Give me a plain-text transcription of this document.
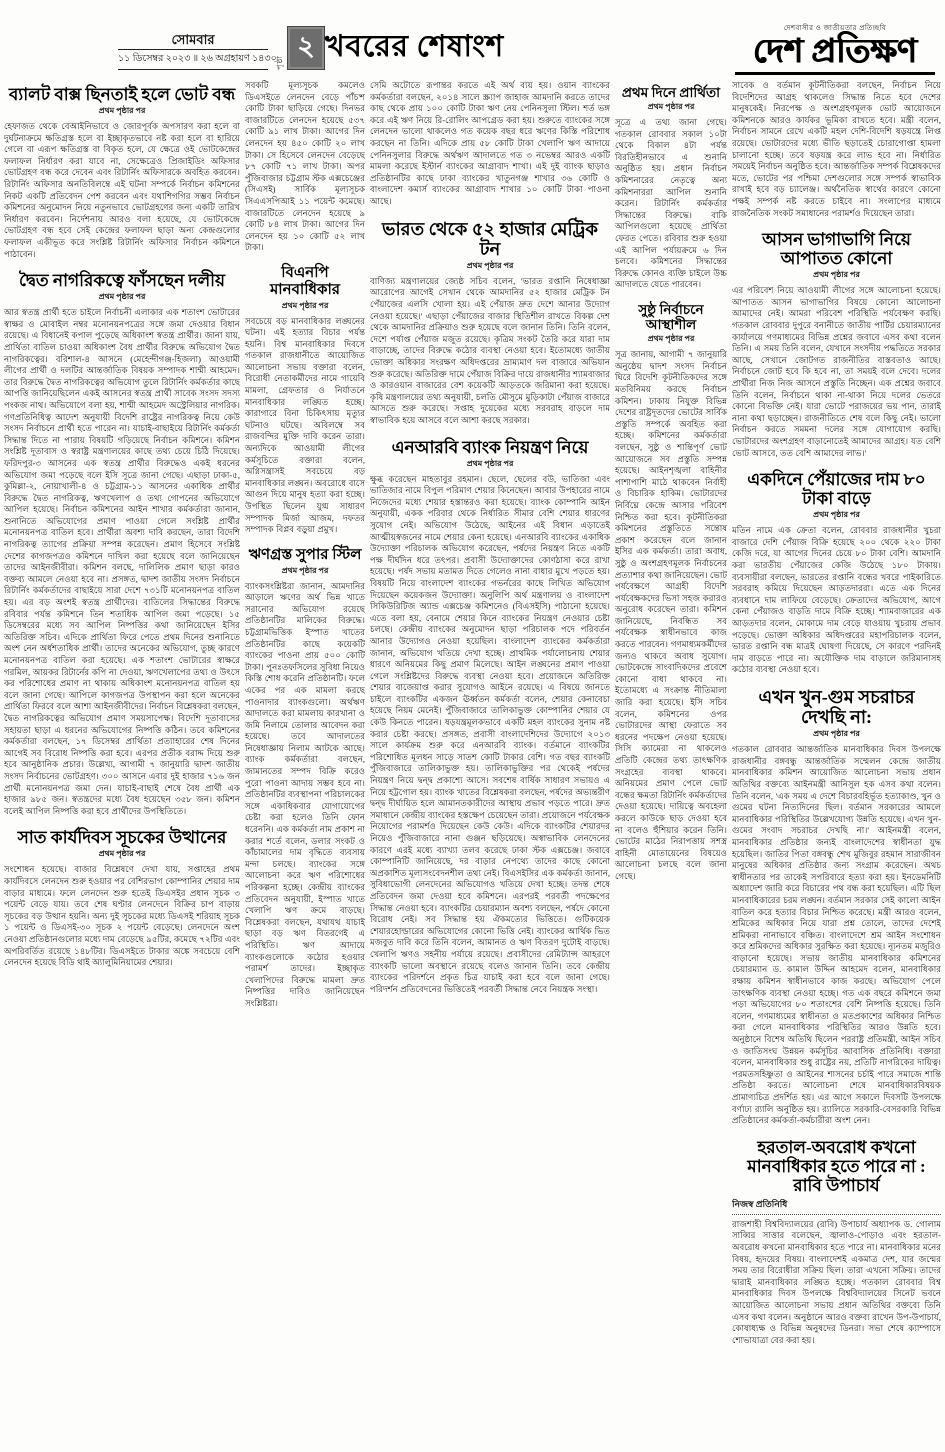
সোমবার
১১ ডিসেম্বর ২০২৩ ॥ ২৬ অগ্রহায়ণ ১৪৩০
পৃষ্ঠা
২ খবরের শেষাংশ
দেশবাসীর ও জাতীয়তার প্রতিচ্ছবি
দেশ প্রতিক্ষণ
ব্যালট বাক্স ছিনতাই হলে ভোট বন্ধ
প্রথম পৃষ্ঠার পর

হেফাজত থেকে বেআইনিভাবে ও জোরপূর্বক অপসারণ করা হলে বা দুর্ঘটনাক্রমে ক্ষতিগ্রস্ত হলে বা ইচ্ছাকৃতভাবে নষ্ট করা হলে বা হারিয়ে গেলে বা এরূপ ক্ষতিগ্রস্ত বা বিকৃত হলে, যে ক্ষেত্রে ওই ভোটকেন্দ্রের ফলাফল নির্ধারণ করা যাবে না, সেক্ষেত্রেও প্রিজাইডিং অফিসার ভোটগ্রহণ বন্ধ করে দেবেন এবং রিটার্নিং অফিসারকে অবহিত করবেন। রিটার্নিং অফিসার অনতিবিলম্বে এই ঘটনা সম্পর্কে নির্বাচন কমিশনের নিকট একটি প্রতিবেদন পেশ করবেন এবং যথাশিগগির সম্ভব নির্বাচন কমিশনের অনুমোদন নিয়ে নতুনভাবে ভোটগ্রহণের জন্য একটি তারিখ নির্ধারণ করবেন। নির্দেশনায় আরও বলা হয়েছে, যে ভোটকেন্দ্রে ভোটগ্রহণ বন্ধ হবে সেই কেন্দ্রের ফলাফল ছাড়া অন্য কেন্দ্রগুলোর ফলাফল একীভূত করে সংশ্লিষ্ট রিটার্নিং অফিসার নির্বাচন কমিশনে পাঠাবেন।

দ্বৈত নাগরিকত্বে ফাঁসছেন দলীয়
প্রথম পৃষ্ঠার পর

আর স্বতন্ত্র প্রার্থী হতে চাইলে নির্বাচনী এলাকার এক শতাংশ ভোটারের স্বাক্ষর ও মোবাইল নম্বর মনোনয়নপত্রের সঙ্গে জমা দেওয়ার বিধান রয়েছে। এ বিধানেই কপাল পুড়েছে অধিকাংশ স্বতন্ত্র প্রার্থীর। জানা যায়, প্রার্থিতা বাতিল চাওয়া অধিকাংশ বৈধ প্রার্থীর বিরুদ্ধে অভিযোগ দ্বৈত নাগরিকত্বের। বরিশাল-৪ আসনে (মেহেন্দীগঞ্জ-হিজলা) আওয়ামী লীগের প্রার্থী ও দলটির আন্তর্জাতিক বিষয়ক সম্পাদক শাম্মী আহমেদ। তার বিরুদ্ধে দ্বৈত নাগরিকত্বের অভিযোগ তুলে রিটার্নিং কর্মকর্তার কাছে আপত্তি জানিয়েছিলেন একই আসনের স্বতন্ত্র প্রার্থী সাবেক সংসদ সদস্য পংকজ নাথ। অভিযোগে বলা হয়, শাম্মী আহমেদ অস্ট্রেলিয়ার নাগরিক। গণপ্রতিনিধিত্ব আদেশ অনুযায়ী বিদেশি রাষ্ট্রের নাগরিকত্ব নিয়ে কেউ সংসদ নির্বাচনে প্রার্থী হতে পারেন না। যাচাই-বাছাইয়ে রিটার্নিং কর্মকর্তা সিদ্ধান্ত দিতে না পারায় বিষয়টি গড়িয়েছে নির্বাচন কমিশনে। কমিশন সংশ্লিষ্ট দূতাবাস ও স্বরাষ্ট্র মন্ত্রণালয়ের কাছে তথ্য চেয়ে চিঠি দিয়েছে। ফরিদপুর-৩ আসনের এক স্বতন্ত্র প্রার্থীর বিরুদ্ধেও একই ধরনের অভিযোগ জমা পড়েছে বলে ইসি সূত্রে জানা গেছে। এছাড়া ঢাকা-৫, কুমিল্লা-২, নোয়াখালী-৪ ও চট্টগ্রাম-১১ আসনের একাধিক প্রার্থীর বিরুদ্ধে দ্বৈত নাগরিকত্ব, ঋণখেলাপ ও তথ্য গোপনের অভিযোগে আপিল হয়েছে। নির্বাচন কমিশনের আইন শাখার কর্মকর্তারা জানান, শুনানিতে অভিযোগের প্রমাণ পাওয়া গেলে সংশ্লিষ্ট প্রার্থীর মনোনয়নপত্র বাতিল হবে। প্রার্থীরা অবশ্য দাবি করছেন, তারা বিদেশি নাগরিকত্ব ত্যাগের প্রক্রিয়া সম্পন্ন করেছেন। প্রমাণ হিসেবে সংশ্লিষ্ট দেশের কাগজপত্রও কমিশনে দাখিল করা হয়েছে বলে জানিয়েছেন তাদের আইনজীবীরা। কমিশন বলছে, দালিলিক প্রমাণ ছাড়া কারও বক্তব্য আমলে নেওয়া হবে না। প্রসঙ্গত, দ্বাদশ জাতীয় সংসদ নির্বাচনে রিটার্নিং কর্মকর্তাদের বাছাইয়ে সারা দেশে ৭৩১টি মনোনয়নপত্র বাতিল হয়। এর বড় অংশই স্বতন্ত্র প্রার্থীদের। বাতিলের সিদ্ধান্তের বিরুদ্ধে রবিবার পর্যন্ত কমিশনে তিন শতাধিক আপিল জমা পড়েছে। ১৫ ডিসেম্বরের মধ্যে সব আপিল নিষ্পত্তির কথা জানিয়েছেন ইসির অতিরিক্ত সচিব। এদিকে প্রার্থিতা ফিরে পেতে প্রথম দিনের শুনানিতে অংশ নেন অর্ধশতাধিক প্রার্থী। তাদের অনেকের অভিযোগ, তুচ্ছ কারণে মনোনয়নপত্র বাতিল করা হয়েছে। এক শতাংশ ভোটারের স্বাক্ষরে গরমিল, আয়কর রিটার্নের কপি না দেওয়া, ঋণখেলাপের তথ্য ও উৎসে কর পরিশোধের প্রমাণ না থাকায় অধিকাংশ মনোনয়নপত্র বাতিল হয় বলে জানা গেছে। আপিলে কাগজপত্র উপস্থাপন করা হলে অনেকের প্রার্থিতা ফিরবে বলে আশা আইনজীবীদের। নির্বাচন বিশ্লেষকরা বলছেন, দ্বৈত নাগরিকত্বের অভিযোগ প্রমাণ সময়সাপেক্ষ। বিদেশি দূতাবাসের সহায়তা ছাড়া এ ধরনের অভিযোগের নিষ্পত্তি কঠিন। তবে কমিশনের কর্মকর্তারা বলছেন, ১৭ ডিসেম্বর প্রার্থিতা প্রত্যাহারের শেষ দিনের আগেই সব বিরোধ নিষ্পত্তি করা হবে। এরপর প্রতীক বরাদ্দ দিয়ে শুরু হবে আনুষ্ঠানিক প্রচার। উল্লেখ্য, আগামী ৭ জানুয়ারি দ্বাদশ জাতীয় সংসদ নির্বাচনের ভোটগ্রহণ। ৩০০ আসনে এবার দুই হাজার ৭১৬ জন প্রার্থী মনোনয়নপত্র জমা দেন। যাচাই-বাছাই শেষে বৈধ প্রার্থী এক হাজার ৯৮৫ জন। স্বতন্ত্রদের মধ্যে বৈধ হয়েছেন ৩৫৮ জন। কমিশন বলেই আপিল নিষ্পত্তি করা হবে প্রার্থীদের উপস্থিতিতে।

সাত কার্যদিবস সূচকের উত্থানের
প্রথম পৃষ্ঠার পর

সংশোধন হয়েছে। বাজার বিশ্লেষণে দেখা যায়, সপ্তাহের প্রথম কার্যদিবসে লেনদেন শুরু হওয়ার পর বেশিরভাগ কোম্পানির শেয়ার দাম বাড়ার মাধ্যমে। ফলে লেনদেন শুরু হতেই ডিএসইর প্রধান সূচক ৩ পয়েন্ট বেড়ে যায়। তবে শেষ ঘণ্টার লেনদেনে বিক্রির চাপ বাড়ায় সূচকের বড় উত্থান হয়নি। অন্য দুই সূচকের মধ্যে ডিএসই শরিয়াহ সূচক ১ পয়েন্ট ও ডিএসই-৩০ সূচক ২ পয়েন্ট বেড়েছে। লেনদেনে অংশ নেওয়া প্রতিষ্ঠানগুলোর মধ্যে দাম বেড়েছে ৯৫টির, কমেছে ৭২টির এবং অপরিবর্তিত রয়েছে ১৪৮টির। ডিএসইতে টাকার অঙ্কে সবচেয়ে বেশি লেনদেন হয়েছে বিডি থাই অ্যালুমিনিয়ামের শেয়ার।

সবকটি মূল্যসূচক কমলেও ডিএসইতে লেনদেন বেড়ে পাঁচ'শ কোটি টাকা ছাড়িয়ে গেছে। দিনভর বাজারটিতে লেনদেন হয়েছে ৫৩৭ কোটি ৯১ লাখ টাকা। আগের দিন লেনদেন হয় ৪৫০ কোটি ২০ লাখ টাকা। সে হিসেবে লেনদেন বেড়েছে ৮৭ কোটি ৭১ লাখ টাকা। অপর পুঁজিবাজার চট্টগ্রাম স্টক এক্সচেঞ্জের (সিএসই) সার্বিক মূল্যসূচক সিএএসপিআই ১১ পয়েন্ট কমেছে। বাজারটিতে লেনদেন হয়েছে ৯ কোটি ৮৪ লাখ টাকা। আগের দিন লেনদেন হয় ১০ কোটি ৫২ লাখ টাকা।

বিএনপি মানবাধিকার
প্রথম পৃষ্ঠার পর

সবচেয়ে বড় মানবাধিকার লঙ্ঘনের ঘটনা। এই হত্যার বিচার পর্যন্ত হয়নি। বিশ্ব মানবাধিকার দিবসে গতকাল রাজধানীতে আয়োজিত আলোচনা সভায় বক্তারা বলেন, বিরোধী নেতাকর্মীদের নামে গায়েবি মামলা, গ্রেফতার ও নির্যাতনে মানবাধিকার লঙ্ঘিত হচ্ছে। কারাগারে বিনা চিকিৎসায় মৃত্যুর ঘটনাও ঘটছে। অবিলম্বে সব রাজবন্দির মুক্তি দাবি করেন তারা। অন্যদিকে আওয়ামী লীগের কর্মসূচিতে বক্তারা বলেন, অগ্নিসন্ত্রাসই সবচেয়ে বড় মানবাধিকার লঙ্ঘন। অবরোধে বাসে আগুন দিয়ে মানুষ হত্যা করা হচ্ছে। উপস্থিত ছিলেন যুগ্ম সাধারণ সম্পাদক মির্জা আজম, দফতর সম্পাদক বিপ্লব বড়ুয়া প্রমুখ।

ঋণগ্রস্ত সুপার স্টিল
প্রথম পৃষ্ঠার পর

ব্যাংকসংশ্লিষ্টরা জানান, আমদানির আড়ালে ঋণের অর্থ ভিন্ন খাতে সরানোর অভিযোগ রয়েছে প্রতিষ্ঠানটির মালিকের বিরুদ্ধে। চট্টগ্রামভিত্তিক ইস্পাত খাতের প্রতিষ্ঠানটির কাছে কয়েকটি ব্যাংকের পাওনা প্রায় ৫০০ কোটি টাকা। পুনঃতফসিলের সুবিধা নিয়েও কিস্তি শোধ করেনি প্রতিষ্ঠানটি। ফলে একের পর এক মামলা করছে পাওনাদার ব্যাংকগুলো। অর্থঋণ আদালতে করা মামলায় কারখানা ও জমি নিলামে তোলার আবেদন করা হয়েছে। তবে আদালতের নিষেধাজ্ঞায় নিলাম আটকে আছে। ব্যাংক কর্মকর্তারা বলছেন, জামানতের সম্পদ বিক্রি করেও পুরো পাওনা আদায় সম্ভব হবে না। প্রতিষ্ঠানটির ব্যবস্থাপনা পরিচালকের সঙ্গে একাধিকবার যোগাযোগের চেষ্টা করা হলেও তিনি ফোন ধরেননি। এক কর্মকর্তা নাম প্রকাশ না করার শর্তে বলেন, ডলার সংকট ও কাঁচামালের দাম বৃদ্ধিতে ব্যবসায় মন্দা চলছে। ব্যাংকের সঙ্গে আলোচনা করে ঋণ পরিশোধের পরিকল্পনা হচ্ছে। কেন্দ্রীয় ব্যাংকের প্রতিবেদন অনুযায়ী, ইস্পাত খাতে খেলাপি ঋণ ক্রমে বাড়ছে। বিশ্লেষকরা বলছেন, যথাযথ যাচাই ছাড়া বড় ঋণ বিতরণেই এ পরিস্থিতি। ঋণ আদায়ে ব্যাংকগুলোকে কঠোর হওয়ার পরামর্শ তাদের। ইচ্ছাকৃত খেলাপিদের বিরুদ্ধে মামলা দ্রুত নিষ্পত্তির দাবিও জানিয়েছেন সংশ্লিষ্টরা।

সেমি অটোতে রূপান্তর করতে এই অর্থ ব্যয় হয়। ওয়ান ব্যাংকের কর্মকর্তারা বলছেন, ২০১৪ সালে স্ক্র্যাপ জাহাজ আমদানি করতে তাদের কাছ থেকে প্রায় ১০০ কোটি টাকা ঋণ নেয় পেনিনসুলা স্টিল। শর্ত ভঙ্গ করে এই ঋণ নিয়ে রি-রোলিং আপগ্রেড করা হয়। শুরুতে ব্যাংকের সঙ্গে লেনদেন ভালো থাকলেও গত কয়েক বছর ধরে ঋণের কিস্তি পরিশোধ করছেন না তিনি। এদিকে প্রায় ৫৮ কোটি টাকা খেলাপি ঋণ আদায়ে পেনিনসুলার বিরুদ্ধে অর্থঋণ আদালতে গত ৩ নভেম্বর আরও একটি মামলা করেছে ইস্টার্ন ব্যাংকের আগ্রাবাদ শাখা। এই দুই ব্যাংক ছাড়াও প্রতিষ্ঠানটির কাছে ঢাকা ব্যাংকের খাতুনগঞ্জ শাখার ৩৬ কোটি ও বাংলাদেশ কমার্স ব্যাংকের আগ্রাবাদ শাখার ১০ কোটি টাকা পাওনা আছে।

ভারত থেকে ৫২ হাজার মেট্রিক টন
প্রথম পৃষ্ঠার পর

বাণিজ্য মন্ত্রণালয়ের জ্যেষ্ঠ সচিব বলেন, 'ভারত রপ্তানি নিষেধাজ্ঞা আরোপের আগেই সেখান থেকে আমদানির ৫২ হাজার মেট্রিক টন পেঁয়াজের এলসি খোলা হয়। এই পেঁয়াজ দ্রুত দেশে আনার উদ্যোগ নেওয়া হয়েছে।' এছাড়া পেঁয়াজের বাজার স্থিতিশীল রাখতে বিকল্প দেশ থেকে আমদানির প্রক্রিয়াও শুরু হয়েছে বলে জানান তিনি। তিনি বলেন, দেশে পর্যাপ্ত পেঁয়াজ মজুত রয়েছে। কৃত্রিম সংকট তৈরি করে যারা দাম বাড়াচ্ছে, তাদের বিরুদ্ধে কঠোর ব্যবস্থা নেওয়া হবে। ইতোমধ্যে জাতীয় ভোক্তা অধিকার সংরক্ষণ অধিদপ্তরের ভ্রাম্যমাণ দল বাজারে অভিযান শুরু করেছে। অতিরিক্ত দামে পেঁয়াজ বিক্রির দায়ে রাজধানীর শ্যামবাজার ও কারওয়ান বাজারের বেশ কয়েকটি আড়তকে জরিমানা করা হয়েছে। কৃষি মন্ত্রণালয়ের তথ্য অনুযায়ী, চলতি মৌসুমে মুড়িকাটা পেঁয়াজ বাজারে আসতে শুরু করেছে। সপ্তাহ দুয়েকের মধ্যে সরবরাহ বাড়লে দাম স্বাভাবিক হয়ে আসবে বলে আশা করছে সরকার।

এনআরবি ব্যাংক নিয়ন্ত্রণ নিয়ে
প্রথম পৃষ্ঠার পর

ক্ষুব্ধ করেছেন মাহতাবুর রহমান। ছেলে, ছেলের বউ, ভাতিজা এবং ভাতিজার নামে বিপুল পরিমাণ শেয়ার কিনেছেন। আবার উপহারের নামে নিজেদের মধ্যে শেয়ার হস্তান্তরও করা হয়েছে। ব্যাংক কোম্পানি আইন অনুযায়ী, একক পরিবার থেকে নির্ধারিত সীমার বেশি শেয়ার ধারণের সুযোগ নেই। অভিযোগ উঠেছে, আইনের এই বিধান এড়াতেই আত্মীয়স্বজনের নামে শেয়ার কেনা হয়েছে। এনআরবি ব্যাংকের একাধিক উদ্যোক্তা পরিচালক অভিযোগ করেছেন, পর্ষদের নিয়ন্ত্রণ নিতে একটি পক্ষ দীর্ঘদিন ধরে তৎপর। প্রবাসী উদ্যোক্তাদের কোণঠাসা করে রাখা হয়েছে। পর্ষদ সভায় মতামত দিতে গেলেও নানা বাধার মুখে পড়তে হয়। বিষয়টি নিয়ে বাংলাদেশ ব্যাংকের গভর্নরের কাছে লিখিত অভিযোগ দিয়েছেন কয়েকজন উদ্যোক্তা। অনুলিপি অর্থ মন্ত্রণালয় ও বাংলাদেশ সিকিউরিটিজ অ্যান্ড এক্সচেঞ্জ কমিশনেও (বিএসইসি) পাঠানো হয়েছে। এতে বলা হয়, বেনামে শেয়ার কিনে ব্যাংকের নিয়ন্ত্রণ নেওয়ার চেষ্টা চলছে। কেন্দ্রীয় ব্যাংকের অনুমোদন ছাড়া পরিচালক পদে পরিবর্তন আনার উদ্যোগও নেওয়া হয়েছিল। বাংলাদেশ ব্যাংকের কর্মকর্তারা জানান, অভিযোগ খতিয়ে দেখা হচ্ছে। প্রাথমিক পর্যালোচনায় শেয়ার ধারণে অনিয়মের কিছু প্রমাণ মিলেছে। আইন লঙ্ঘনের প্রমাণ পাওয়া গেলে সংশ্লিষ্টদের বিরুদ্ধে ব্যবস্থা নেওয়া হবে। প্রয়োজনে অতিরিক্ত শেয়ার বাজেয়াপ্ত করার সুযোগও আইনে রয়েছে। এ বিষয়ে জানতে চাইলে ব্যাংকটির একজন ঊর্ধ্বতন কর্মকর্তা বলেন, শেয়ার কেনাবেচা হয়েছে নিয়ম মেনেই। পুঁজিবাজারে তালিকাভুক্ত কোম্পানির শেয়ার যে কেউ কিনতে পারেন। ষড়যন্ত্রমূলকভাবে একটি মহল ব্যাংকের সুনাম নষ্ট করার চেষ্টা করছে। প্রসঙ্গত, প্রবাসী বাংলাদেশিদের উদ্যোগে ২০১৩ সালে কার্যক্রম শুরু করে এনআরবি ব্যাংক। বর্তমানে ব্যাংকটির পরিশোধিত মূলধন সাড়ে সাতশ কোটি টাকার বেশি। গত বছর ব্যাংকটি পুঁজিবাজারে তালিকাভুক্ত হয়। তালিকাভুক্তির পর থেকেই পর্ষদের নিয়ন্ত্রণ নিয়ে দ্বন্দ্ব প্রকাশ্যে আসে। সবশেষ বার্ষিক সাধারণ সভায়ও এ নিয়ে হট্টগোল হয়। ব্যাংক খাতের বিশ্লেষকরা বলছেন, পর্ষদের অভ্যন্তরীণ দ্বন্দ্ব দীর্ঘায়িত হলে আমানতকারীদের আস্থায় প্রভাব পড়তে পারে। দ্রুত সমাধানে কেন্দ্রীয় ব্যাংকের হস্তক্ষেপ চেয়েছেন তারা। প্রয়োজনে পর্যবেক্ষক নিয়োগের পরামর্শও দিয়েছেন কেউ কেউ। এদিকে ব্যাংকটির শেয়ারদর নিয়েও পুঁজিবাজারে নানা গুঞ্জন ছড়িয়েছে। অস্বাভাবিক লেনদেনের কারণে এরই মধ্যে ব্যাখ্যা তলব করেছে ঢাকা স্টক এক্সচেঞ্জ। জবাবে কোম্পানিটি জানিয়েছে, দর বাড়ার নেপথ্যে তাদের কাছে কোনো অপ্রকাশিত মূল্যসংবেদনশীল তথ্য নেই। বিএসইসির এক কর্মকর্তা জানান, সুবিধাভোগী লেনদেনের অভিযোগও খতিয়ে দেখা হচ্ছে। তদন্ত শেষে প্রতিবেদন জমা দেওয়া হবে কমিশনে। এরপরই পরবর্তী পদক্ষেপের সিদ্ধান্ত নেওয়া হবে। ব্যাংকটির চেয়ারম্যান অবশ্য বলছেন, পর্ষদে কোনো বিরোধ নেই। সব সিদ্ধান্ত হয় ঐকমত্যের ভিত্তিতে। গুটিকয়েক শেয়ারহোল্ডারের অভিযোগের কোনো ভিত্তি নেই। ব্যাংকের আর্থিক ভিত মজবুত দাবি করে তিনি বলেন, আমানত ও ঋণ বিতরণ দুটোই বাড়ছে। খেলাপি ঋণও সহনীয় পর্যায়ে রয়েছে। প্রবাসীদের রেমিট্যান্স আহরণে ব্যাংকটি ভালো অবস্থানে রয়েছে বলেও জানান তিনি। তবে কেন্দ্রীয় ব্যাংকের পরিদর্শনে প্রকৃত চিত্র যাচাই করা হবে বলে জানা গেছে। পরিদর্শন প্রতিবেদনের ভিত্তিতেই পরবর্তী সিদ্ধান্ত নেবে নিয়ন্ত্রক সংস্থা।

প্রথম দিনে প্রার্থিতা
প্রথম পৃষ্ঠার পর

সূত্রে এ তথ্য জানা গেছে। গতকাল রোববার সকাল ১০টা থেকে বিকাল ৪টা পর্যন্ত বিরতিহীনভাবে এ শুনানি অনুষ্ঠিত হয়। প্রধান নির্বাচন কমিশনারের নেতৃত্বে অন্য কমিশনাররা আপিল শুনানি করেন। রিটার্নিং কর্মকর্তার সিদ্ধান্তের বিরুদ্ধে। বাকি আপিলগুলো হয়েছে প্রার্থিতা ফেরত পেতে। রবিবার শুরু হওয়া এই আপিল পর্যায়ক্রমে ৬ দিন চলবে। কমিশনের সিদ্ধান্তের বিরুদ্ধে কোনও ব্যক্তি চাইলে উচ্চ আদালতে যেতে পারবেন।

সুষ্ঠু নির্বাচনে আস্থাশীল
প্রথম পৃষ্ঠার পর

সূত্র জানায়, আগামী ৭ জানুয়ারি অনুষ্ঠেয় দ্বাদশ সংসদ নির্বাচন ঘিরে বিদেশি কূটনীতিকদের সঙ্গে মতবিনিময় করছে নির্বাচন কমিশন। ঢাকায় নিযুক্ত বিভিন্ন দেশের রাষ্ট্রদূতদের ভোটের সার্বিক প্রস্তুতি সম্পর্কে অবহিত করা হচ্ছে। কমিশনের কর্মকর্তারা বলছেন, সুষ্ঠু ও শান্তিপূর্ণ ভোট আয়োজনে সব প্রস্তুতি সম্পন্ন হয়েছে। আইনশৃঙ্খলা বাহিনীর পাশাপাশি মাঠে থাকবেন নির্বাহী ও বিচারিক হাকিম। ভোটারদের নির্বিঘ্নে কেন্দ্রে আসার পরিবেশ নিশ্চিত করা হবে। কূটনীতিকরা কমিশনের প্রস্তুতিতে সন্তোষ প্রকাশ করেছেন বলে জানান ইসির এক কর্মকর্তা। তারা অবাধ, সুষ্ঠু ও অংশগ্রহণমূলক নির্বাচনের প্রত্যাশার কথা জানিয়েছেন। ভোট পর্যবেক্ষণে আগ্রহী বিদেশি পর্যবেক্ষকদের ভিসা সহজ করারও অনুরোধ করেছেন তারা। কমিশন জানিয়েছে, নিবন্ধিত সব পর্যবেক্ষক স্বাধীনভাবে কাজ করতে পারবেন। গণমাধ্যমকর্মীদের জন্যও থাকবে অবাধ সুযোগ। ভোটকেন্দ্রে সাংবাদিকদের প্রবেশে কোনো বাধা থাকবে না। ইতোমধ্যে এ সংক্রান্ত নীতিমালা জারি করা হয়েছে। ইসি সচিব বলেন, কমিশনের ওপর ভোটারদের আস্থা ফেরাতে সব ধরনের পদক্ষেপ নেওয়া হয়েছে। সিসি ক্যামেরা না থাকলেও প্রতিটি কেন্দ্রের তথ্য তাৎক্ষণিক সংগ্রহের ব্যবস্থা থাকবে। অনিয়মের প্রমাণ পেলে ভোট বন্ধের ক্ষমতা রিটার্নিং কর্মকর্তাদের দেওয়া হয়েছে। দায়িত্বে অবহেলা করলে কাউকে ছাড় দেওয়া হবে না বলেও হুঁশিয়ার করেন তিনি। ভোটের মাঠের নিরাপত্তায় সশস্ত্র বাহিনী মোতায়েনের বিষয়েও আলোচনা চলছে বলে জানা গেছে।

সাবেক ও বর্তমান কূটনীতিকরা বলছেন, নির্বাচন নিয়ে বিদেশিদের আগ্রহ থাকলেও সিদ্ধান্ত নিতে হবে দেশের মানুষকেই। নিরপেক্ষ ও অংশগ্রহণমূলক ভোট আয়োজনে কমিশনকে আরও কার্যকর ভূমিকা রাখতে হবে। মন্ত্রী বলেন, নির্বাচন সামনে রেখে একটি মহল দেশি-বিদেশি ষড়যন্ত্রে লিপ্ত রয়েছে। ভোটারদের মধ্যে ভীতি ছড়াতেই চোরাগোপ্তা হামলা চালানো হচ্ছে। তবে ষড়যন্ত্র করে লাভ হবে না। নির্ধারিত সময়েই নির্বাচন অনুষ্ঠিত হবে। আন্তর্জাতিক সম্পর্ক বিশ্লেষকদের মতে, ভোটের পর পশ্চিমা দেশগুলোর সঙ্গে সম্পর্ক স্বাভাবিক রাখাই হবে বড় চ্যালেঞ্জ। অর্থনৈতিক স্বার্থের কারণে কোনো পক্ষই সম্পর্ক নষ্ট করতে চাইবে না। সংলাপের মাধ্যমে রাজনৈতিক সংকট সমাধানের পরামর্শও দিয়েছেন তারা।

আসন ভাগাভাগি নিয়ে আপাতত কোনো
প্রথম পৃষ্ঠার পর

এর পরিবেশ নিয়ে আওয়ামী লীগের সঙ্গে আলোচনা হয়েছে। আপাতত আসন ভাগাভাগির বিষয়ে কোনো আলোচনা আমাদের নেই। আমরা পরিবেশ পরিস্থিতি পর্যবেক্ষণ করছি। গতকাল রোববার দুপুরে বনানীতে জাতীয় পার্টির চেয়ারম্যানের কার্যালয়ে গণমাধ্যমের বিভিন্ন প্রশ্নের জবাবে এসব কথা বলেন তিনি। এ সময় তিনি বলেন, যেখানে সংসদীয় পদ্ধতিতে সরকার আছে, সেখানে জোটগত রাজনীতির বাস্তবতাও আছে। নির্বাচনে জোট হবে কি হবে না, তা সময়ই বলে দেবে। দলের প্রার্থীরা নিজ নিজ আসনে প্রস্তুতি নিচ্ছেন। এক প্রশ্নের জবাবে তিনি বলেন, নির্বাচনে থাকা না-থাকা নিয়ে দলের ভেতরে কোনো বিভক্তি নেই। যারা ভোটে পরাজয়ের ভয় পান, তারাই নানা কথা ছড়াচ্ছেন। রাজনীতিতে শেষ বলে কিছু নেই। ভালো নির্বাচন করতে সমমনা দলের সঙ্গে যোগাযোগ করছি। ভোটারদের অংশগ্রহণ বাড়ানোতেই আমাদের আগ্রহ। যত বেশি ভোট আসবে, তত বেশি আমাদের লাভ।'

একদিনে পেঁয়াজের দাম ৮০ টাকা বাড়ে
প্রথম পৃষ্ঠার পর

মতিন নামে এক ক্রেতা বলেন, রোববার রাজধানীর খুচরা বাজারে দেশি পেঁয়াজ বিক্রি হয়েছে ২০০ থেকে ২২০ টাকা কেজি দরে, যা আগের দিনের চেয়ে ৮০ টাকা বেশি। আমদানি করা ভারতীয় পেঁয়াজের কেজি উঠেছে ১৮০ টাকায়। ব্যবসায়ীরা বলছেন, ভারতের রপ্তানি বন্ধের খবরে পাইকারিতে সরবরাহ কমিয়ে দিয়েছেন আড়তদাররা। এতে এক দিনের ব্যবধানে দাম লাফিয়ে বেড়েছে। ক্রেতাদের অভিযোগ, আগে কেনা পেঁয়াজও বাড়তি দামে বিক্রি হচ্ছে। শ্যামবাজারের এক আড়তদার বলেন, মোকামে দাম বেড়ে যাওয়ায় খুচরায় প্রভাব পড়েছে। ভোক্তা অধিকার অধিদপ্তরের মহাপরিচালক বলেন, ভারত রপ্তানি বন্ধ মাত্রই ঘোষণা দিয়েছে, সে কারণে পরদিনই দাম বাড়তে পারে না। অযৌক্তিক দাম বাড়ালে জরিমানাসহ কঠোর ব্যবস্থা নেওয়া হবে।

এখন খুন-গুম সচরাচর দেখছি না:
প্রথম পৃষ্ঠার পর

গতকাল রোববার আন্তর্জাতিক মানবাধিকার দিবস উপলক্ষে রাজধানীর বঙ্গবন্ধু আন্তর্জাতিক সম্মেলন কেন্দ্রে জাতীয় মানবাধিকার কমিশন আয়োজিত আলোচনা সভায় প্রধান অতিথির বক্তব্যে আইনমন্ত্রী আনিসুল হক এসব কথা বলেন। তিনি বলেন, 'এক সময় এ দেশে বিচারবহির্ভূত হত্যাকাণ্ড, খুন ও গুমের ঘটনা নিত্যদিনের ছিল। বর্তমান সরকারের আমলে মানবাধিকার পরিস্থিতির উল্লেখযোগ্য উন্নতি হয়েছে। এখন খুন-গুমের সংবাদ সচরাচর দেখছি না।' আইনমন্ত্রী বলেন, মানবাধিকার প্রতিষ্ঠার জন্যই বাংলাদেশের স্বাধীনতা যুদ্ধ হয়েছিল। জাতির পিতা বঙ্গবন্ধু শেখ মুজিবুর রহমান সারাজীবন মানুষের অধিকার প্রতিষ্ঠার জন্য সংগ্রাম করেছেন। অথচ স্বাধীনতার পর তাকেই সপরিবারে হত্যা করা হয়। ইনডেমনিটি অধ্যাদেশ জারি করে বিচারের পথ বন্ধ করা হয়েছিল। এটি ছিল মানবাধিকারের চরম লঙ্ঘন। বর্তমান সরকার সেই কালো আইন বাতিল করে হত্যার বিচার নিশ্চিত করেছে। মন্ত্রী আরও বলেন, শ্রমিকের অধিকার নিয়ে যারা প্রশ্ন তোলে, তাদের দেশেই শ্রমিকরা নানাভাবে বঞ্চিত। বাংলাদেশে শ্রম আইন সংশোধন করে শ্রমিকদের অধিকার সুরক্ষিত করা হয়েছে। ন্যূনতম মজুরিও বাড়ানো হয়েছে। সভায় জাতীয় মানবাধিকার কমিশনের চেয়ারম্যান ড. কামাল উদ্দিন আহমেদ বলেন, মানবাধিকার রক্ষায় কমিশন স্বাধীনভাবে কাজ করছে। অভিযোগ পেলে তাৎক্ষণিক ব্যবস্থা নেওয়া হচ্ছে। গত এক বছরে কমিশনে জমা পড়া অভিযোগের ৮০ শতাংশের বেশি নিষ্পত্তি হয়েছে। তিনি বলেন, গণমাধ্যমের স্বাধীনতা ও মতপ্রকাশের অধিকার নিশ্চিত করা গেলে মানবাধিকার পরিস্থিতির আরও উন্নতি হবে। অনুষ্ঠানে বিশেষ অতিথি ছিলেন পররাষ্ট্র প্রতিমন্ত্রী, আইন সচিব ও জাতিসংঘ উন্নয়ন কর্মসূচির আবাসিক প্রতিনিধি। বক্তারা বলেন, মানবাধিকার শুধু রাষ্ট্রের নয়, প্রতিটি নাগরিকের দায়িত্ব। পরমতসহিষ্ণুতা ও আইনের শাসনের চর্চাই পারে সমাজে শান্তি প্রতিষ্ঠা করতে। আলোচনা শেষে মানবাধিকারবিষয়ক প্রামাণ্যচিত্র প্রদর্শিত হয়। এর আগে সকালে দিবসটি উপলক্ষে বর্ণাঢ্য র‍্যালি অনুষ্ঠিত হয়। র‍্যালিতে সরকারি-বেসরকারি বিভিন্ন প্রতিষ্ঠানের কর্মকর্তা-কর্মচারীরা অংশ নেন।

হরতাল-অবরোধ কখনো মানবাধিকার হতে পারে না : রাবি উপাচার্য
নিজস্ব প্রতিনিধি

রাজশাহী বিশ্ববিদ্যালয়ের (রাবি) উপাচার্য অধ্যাপক ড. গোলাম সাব্বির সাত্তার বলেছেন, জ্বালাও-পোড়াও এবং হরতাল-অবরোধ কখনো মানবাধিকার হতে পারে না। মানবাধিকার মনের বিষয়, হৃদয়ের বিষয়। বাংলাদেশই একমাত্র দেশ, যার জন্মের সময় তার বিরোধীরা সক্রিয় ছিল। তারা এখনো সক্রিয়। তাদের দ্বারাই মানবাধিকার লঙ্ঘিত হচ্ছে। গতকাল রোববার বিশ্ব মানবাধিকার দিবস উপলক্ষে বিশ্ববিদ্যালয়ের সিনেট ভবনে আয়োজিত আলোচনা সভায় প্রধান অতিথির বক্তব্যে তিনি এসব কথা বলেন। অনুষ্ঠানে আরও বক্তব্য রাখেন উপ-উপাচার্য, কোষাধ্যক্ষ ও বিভিন্ন অনুষদের ডিনরা। সভা শেষে ক্যাম্পাসে শোভাযাত্রা বের করা হয়।
